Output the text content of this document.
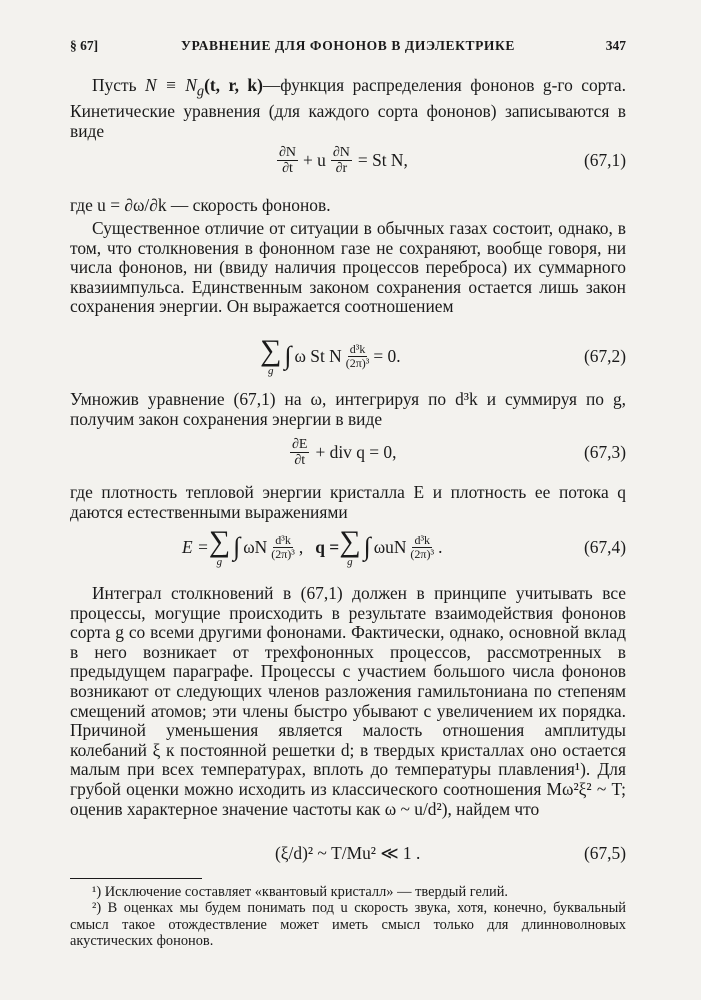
§ 67]	УРАВНЕНИЕ ДЛЯ ФОНОНОВ В ДИЭЛЕКТРИКЕ	347
Пусть $N \equiv N_g(t$, r, k)—функция распределения фононов g-го сорта. Кинетические уравнения (для каждого сорта фононов) записываются в виде
$\frac{\partial N}{\partial t} + u \frac{\partial N}{\partial r} = St$ N,	(67,1)
где u = ∂ω/∂k — скорость фононов.
Существенное отличие от ситуации в обычных газах состоит, однако, в том, что столкновения в фононном газе не сохраняют, вообще говоря, ни числа фононов, ни (ввиду наличия процессов переброса) их суммарного квазиимпульса. Единственным законом сохранения остается лишь закон сохранения энергии. Он выражается соотношением
∑
g
∫ ω St N $\frac{\text{d³k}}{\text{(2π)³}} = 0$.	(67,2)
Умножив уравнение (67,1) на ω, интегрируя по d³k и суммируя по g, получим закон сохранения энергии в виде
$\frac{\partial E}{\partial t}$ + div q = 0,	(67,3)
где плотность тепловой энергии кристалла E и плотность ее потока q даются естественными выражениями
E = ∑
g
∫ ωN $\frac{\text{d³k}}{\text{(2π)³}}$ , q = ∑
g
∫ ωuN $\frac{\text{d³k}}{\text{(2π)³}}$ .	(67,4)
Интеграл столкновений в (67,1) должен в принципе учитывать все процессы, могущие происходить в результате взаимодействия фононов сорта g со всеми другими фононами. Фактически, однако, основной вклад в него возникает от трехфононных процессов, рассмотренных в предыдущем параграфе. Процессы с участием большого числа фононов возникают от следующих членов разложения гамильтониана по степеням смещений атомов; эти члены быстро убывают с увеличением их порядка. Причиной уменьшения является малость отношения амплитуды колебаний ξ к постоянной решетки d; в твердых кристаллах оно остается малым при всех температурах, вплоть до температуры плавления¹). Для грубой оценки можно исходить из классического соотношения Mω²ξ² ~ T; оценив характерное значение частоты как ω ~ u/d²), найдем что
(ξ/d)² ~ T/Mu² ≪ 1 .	(67,5)
¹) Исключение составляет «квантовый кристалл» — твердый гелий.
²) В оценках мы будем понимать под u скорость звука, хотя, конечно, буквальный смысл такое отождествление может иметь смысл только для длинноволновых акустических фононов.
